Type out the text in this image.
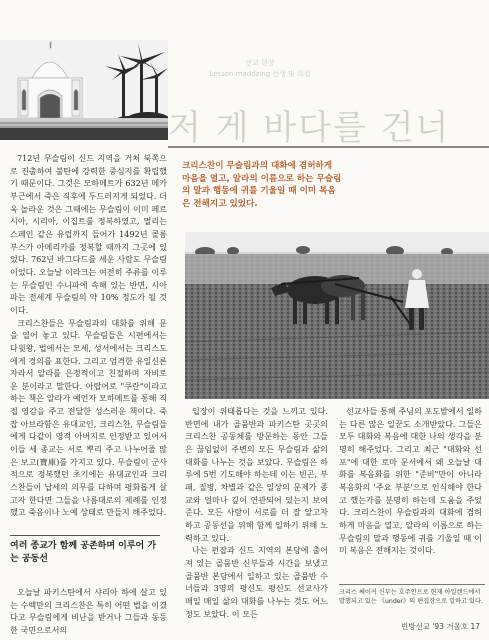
선교 현장
Lesson maddzing 선생 및 특집
저 게 바다를 건너

712년 무슬림이 신드 지역을 거쳐 북쪽으로 진출하여 불탄에 강력한 중심지를 확립했기 때문이다. 그것은 모하메트가 632년 메카 부근에서 죽은 직후에 두드러지게 되었다. 더욱 놀라운 것은 그때에는 무슬림이 이미 페르시아, 시리아, 이집트를 정복하였고, 멀리는 스페인 같은 유럽까지 들어가 1492년 콜롬부스가 아메리카를 정복할 때까지 그곳에 있었다. 762년 바그다드를 세운 사람도 무슬림이었다. 오늘날 이라크는 여전히 주류를 이루는 무슬림인 수니파에 속해 있는 반면, 시아파는 전세계 무슬림의 약 10% 정도가 될 것이다.

크리스찬들은 무슬림과의 대화를 위해 문을 열어 놓고 있다. 무슬림들은 시편에서는 다윗왕, 법에서는 모세, 성서에서는 크리스도에게 경의를 표한다. 그리고 엄격한 유일신론자라서 알라를 은정적이고 친절하며 자비로운 분이라고 말한다. 아랍어로 "쿠란"이라고 하는 책은 알라가 예언자 모하메트를 통해 직접 영감을 주고 전달한 성스러운 책이다. 죽잡 아브라함은 유대교인, 크리스찬, 무슬림들에게 다같이 영적 아버지로 인정받고 있어서 이들 세 종교는 서로 뿌리 주고 나누어줄 많은 보고(寶庫)를 가지고 있다. 무슬림이 군사적으로 정복했던 초기에는 유대교인과 크리스찬들이 납세의 의무를 다하며 평화롭게 살고자 한다면 그들을 나름대로의 제례를 인정했고 죽음이나 노예 상태로 만들지 해주었다.

여러 종교가 함께 공존하며 이루어 가는 공동선

오늘날 파키스탄에서 샤리아 하에 살고 있는 수백만의 크리스찬은 특히 어떤 법을 이겼다고 무슬림에게 비난을 받거나 그들과 동등한 국민으로서의

크리스찬이 무슬림과의 대화에 겸허하게 마음을 열고, 알라의 이름으로 하는 무슬림의 말과 행동에 귀를 기울일 때 이미 복음은 전해지고 있었다.

입장이 위태롭다는 것을 느끼고 있다. 반면에 내가 골뭄반과 파키스탄 곳곳의 크리스찬 공동체를 방문하는 동안 그들은 끊임없이 주변의 모든 무슬림과 삶의 대화를 나누는 것을 보았다. 무슬림은 하루에 5번 기도해야 하는데 이는 빈곤, 부패, 질병, 차별과 같은 일상의 문제가 종교와 얼마나 깊이 연관되어 있는지 보여준다. 모든 사람이 서로를 더 잘 알고자 하고 공동선을 위해 함께 일하기 위해 노력하고 있다.

나는 펀잡과 신드 지역의 본당에 출어져 있는 골뭄반 신부들과 시간을 보냈고 골뭄반 본당에서 일하고 있는 골뭄반 수녀들과 3명의 평신도 평신도 선교사가 매일 매일 삶의 대화를 나누는 것도 어느 정도 보았다. 이 모든

선교사들 통해 주님의 포도밭에서 일하는 다른 많은 일꾼도 소개받았다. 그들은 모두 대화와 복음에 대한 나의 생각을 분명히 해주었다. 그리고 최근 "대화와 선포"에 대한 로마 문서에서 왜 오늘날 대화를 복음화를 위한 "준비"만이 아니라 복음화의 '주요 부분'으로 인식해야 한다고 했는가를 분명히 하는데 도움을 주었다. 크리스찬이 무슬림과의 대화에 겸허하게 마음을 열고, 알라의 이름으로 하는 무슬림의 말과 행동에 귀를 기울일 때 이미 복음은 전해지는 것이다.

크리스 쎄이커 신부는 호주인으로 현재 아일랜드에서 발행되고 있는 《under》의 편집장으로 일하고 있다.
빈방선교 '93 겨울호 17
